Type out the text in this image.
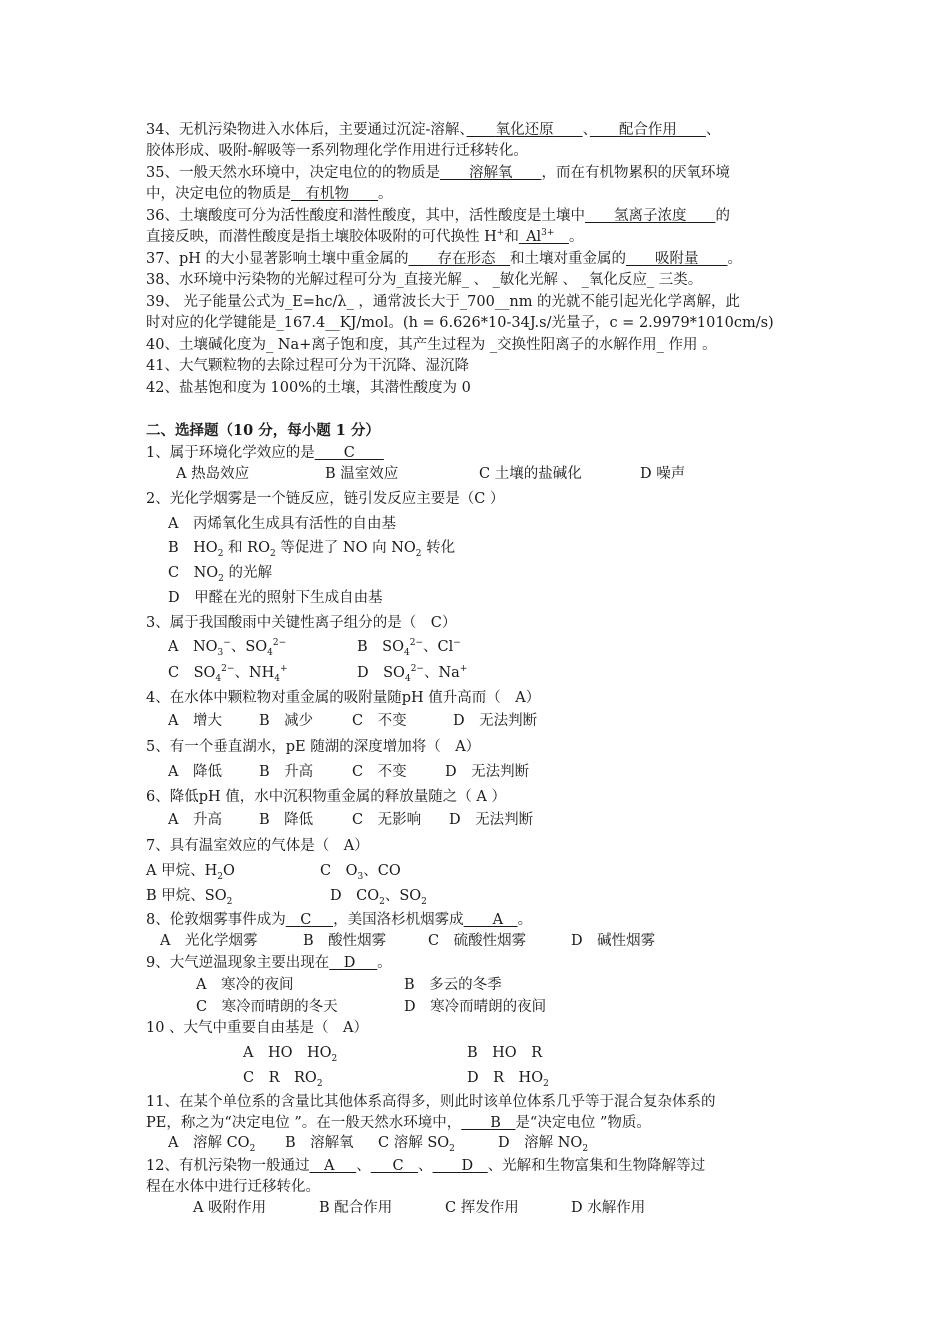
34、无机污染物进入水体后，主要通过沉淀-溶解、　　 氧化还原　　 、　　 配合作用　　 、
胶体形成、吸附-解吸等一系列物理化学作用进行迁移转化。
35、一般天然水环境中，决定电位的的物质是　　 溶解氧　　 ，而在有机物累积的厌氧环境
中，决定电位的物质是　 有机物　　 。
36、土壤酸度可分为活性酸度和潜性酸度，其中，活性酸度是土壤中　　 氢离子浓度　　 的
直接反映，而潜性酸度是指土壤胶体吸附的可代换性 H+和  $Al^{3+}$　 。
37、pH 的大小显著影响土壤中重金属的　　 存在形态　 和土壤对重金属的　　 吸附量　　 。
38、水环境中污染物的光解过程可分为_直接光解_ 、 _敏化光解 、 _氧化反应_ 三类。
39、 光子能量公式为_E=hc/λ_ ，通常波长大于_700__nm 的光就不能引起光化学离解，此
时对应的化学键能是_167.4__KJ/mol。(h = 6.626*10-34J.s/光量子，c = 2.9979*1010cm/s)
40、土壤碱化度为_ Na+离子饱和度，其产生过程为 _交换性阳离子的水解作用_ 作用 。
41、大气颗粒物的去除过程可分为干沉降、湿沉降
42、盐基饱和度为 100%的土壤，其潜性酸度为 0
二、选择题（10 分，每小题 1 分）
1、属于环境化学效应的是　　 C　　
A 热岛效应	B 温室效应	C 土壤的盐碱化	D 噪声
2、光化学烟雾是一个链反应，链引发反应主要是（C ）
A　丙烯氧化生成具有活性的自由基
B　$HO_2$ 和 $RO_2$ 等促进了 NO 向 $NO_2$ 转化
C　$NO_2$ 的光解
D　甲醛在光的照射下生成自由基
3、属于我国酸雨中关键性离子组分的是（　C）
A　$NO_3^-$、$SO_4^{2-}$	B　$SO_4^{2-}$、Cl−
C　$SO_4^{2-}$、$NH_4^+$	D　$SO_4^{2-}$、Na+
4、在水体中颗粒物对重金属的吸附量随pH 值升高而（　A）
A　增大	B　减少	C　不变	D　无法判断
5、有一个垂直湖水，pE 随湖的深度增加将（　A）
A　降低	B　升高	C　不变	D　无法判断
6、降低pH 值，水中沉积物重金属的释放量随之（ A ）
A　升高	B　降低	C　无影响 D　无法判断
7、具有温室效应的气体是（　A）
A 甲烷、$H_2O$	C　$O_3$、CO
B 甲烷、$SO_2$	D　$CO_2$、$SO_2$
8、伦敦烟雾事件成为   C    ，美国洛杉机烟雾成     A   。
A　光化学烟雾	B　酸性烟雾	C　硫酸性烟雾	D　碱性烟雾
9、大气逆温现象主要出现在   D    。
A　寒冷的夜间	B　多云的冬季
C　寒冷而晴朗的冬天	D　寒冷而晴朗的夜间
10 、大气中重要自由基是（　A）
A　HO　$HO_2$	B　HO　R
C　R　$RO_2$	D　R　$HO_2$
11、在某个单位系的含量比其他体系高得多，则此时该单位体系几乎等于混合复杂体系的
PE，称之为“决定电位 ”。在一般天然水环境中，     B   是“决定电位 ”物质。
A　溶解 $CO_2$ B　溶解氧 C 溶解 $SO_2$	D　溶解 $NO_2$
12、有机污染物一般通过   A    、    C   、     D   、光解和生物富集和生物降解等过
程在水体中进行迁移转化。
A 吸附作用	B 配合作用	C 挥发作用	D 水解作用
